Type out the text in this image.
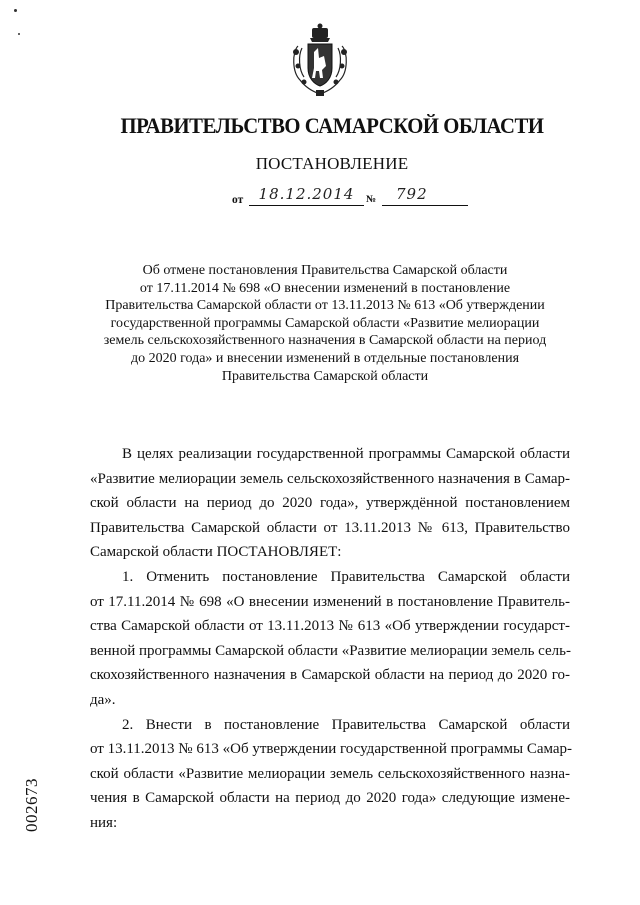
ПРАВИТЕЛЬСТВО САМАРСКОЙ ОБЛАСТИ
ПОСТАНОВЛЕНИЕ
от	18.12.2014	№	792
Об отмене постановления Правительства Самарской области
от 17.11.2014 № 698 «О внесении изменений в постановление
Правительства Самарской области от 13.11.2013 № 613 «Об утверждении
государственной программы Самарской области «Развитие мелиорации
земель сельскохозяйственного назначения в Самарской области на период
до 2020 года» и внесении изменений в отдельные постановления
Правительства Самарской области
В целях реализации государственной программы Самарской области
«Развитие мелиорации земель сельскохозяйственного назначения в Самар-
ской области на период до 2020 года», утверждённой постановлением
Правительства Самарской области от 13.11.2013 № 613, Правительство
Самарской области ПОСТАНОВЛЯЕТ:
1. Отменить постановление Правительства Самарской области
от 17.11.2014 № 698 «О внесении изменений в постановление Правитель-
ства Самарской области от 13.11.2013 № 613 «Об утверждении государст-
венной программы Самарской области «Развитие мелиорации земель сель-
скохозяйственного назначения в Самарской области на период до 2020 го-
да».
2. Внести в постановление Правительства Самарской области
от 13.11.2013 № 613 «Об утверждении государственной программы Самар-
ской области «Развитие мелиорации земель сельскохозяйственного назна-
чения в Самарской области на период до 2020 года» следующие измене-
ния:
002673
